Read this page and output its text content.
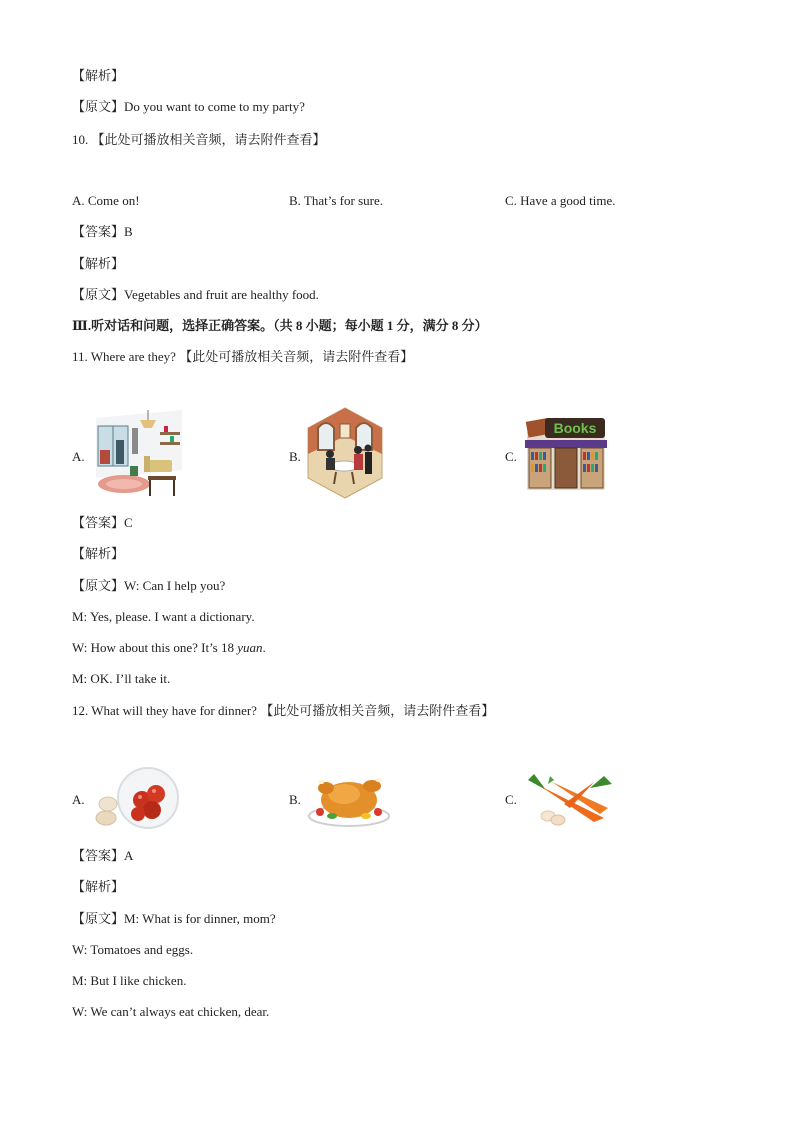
【解析】
【原文】Do you want to come to my party?
10. 【此处可播放相关音频，请去附件查看】
A. Come on!	B. That’s for sure.	C. Have a good time.
【答案】B
【解析】
【原文】Vegetables and fruit are healthy food.
Ⅲ.听对话和问题，选择正确答案。（共 8 小题；每小题 1 分，满分 8 分）
11. Where are they? 【此处可播放相关音频，请去附件查看】
A.	B.	C.
Books
【答案】C
【解析】
【原文】W: Can I help you?
M: Yes, please. I want a dictionary.
W: How about this one? It’s 18 yuan.
M: OK. I’ll take it.
12. What will they have for dinner? 【此处可播放相关音频，请去附件查看】
A.	B.	C.
【答案】A
【解析】
【原文】M: What is for dinner, mom?
W: Tomatoes and eggs.
M: But I like chicken.
W: We can’t always eat chicken, dear.
